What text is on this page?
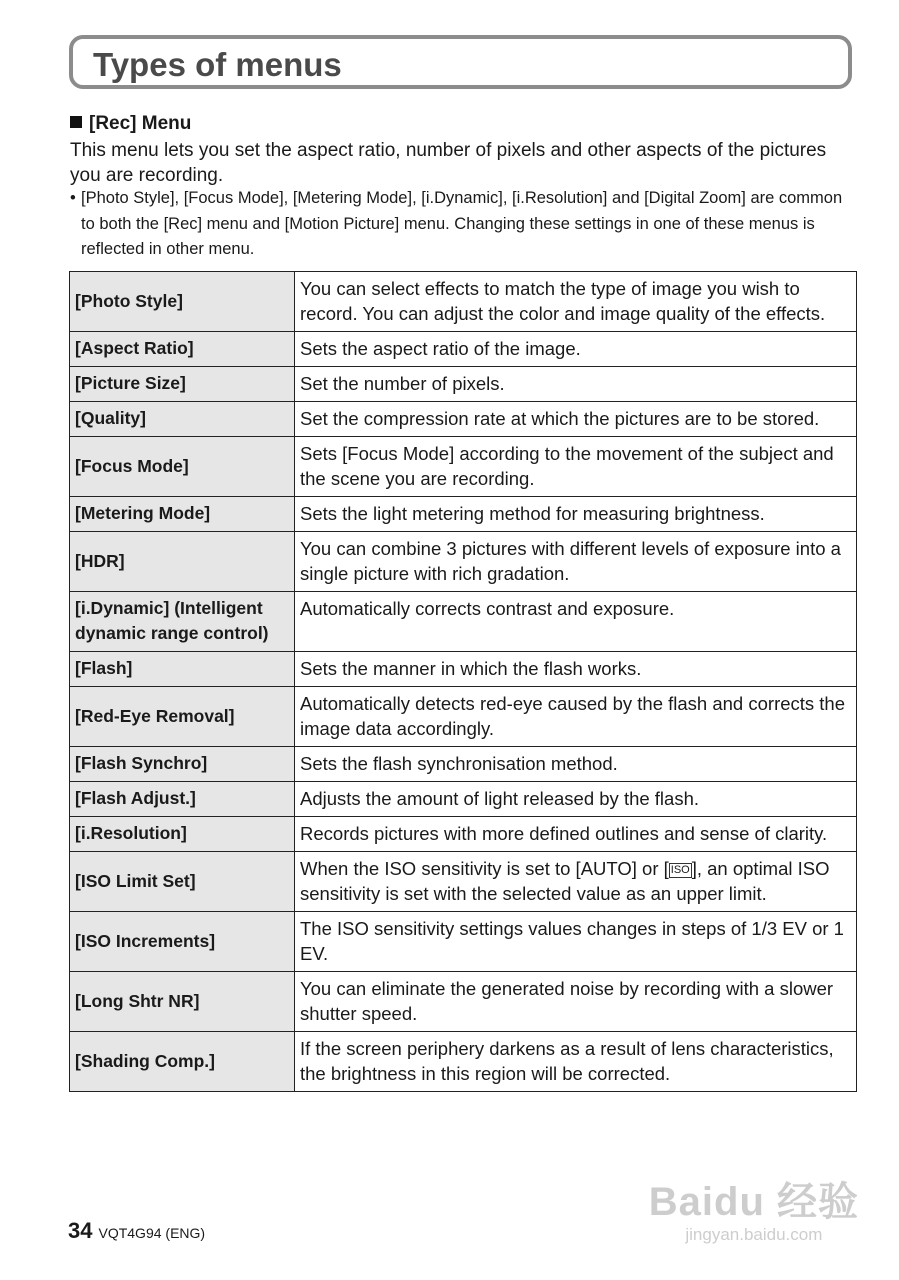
Types of menus
[Rec] Menu
This menu lets you set the aspect ratio, number of pixels and other aspects of the pictures you are recording.
• [Photo Style], [Focus Mode], [Metering Mode], [i.Dynamic], [i.Resolution] and [Digital Zoom] are common to both the [Rec] menu and [Motion Picture] menu. Changing these settings in one of these menus is reflected in other menu.
[Photo Style]	You can select effects to match the type of image you wish to record. You can adjust the color and image quality of the effects.
[Aspect Ratio]	Sets the aspect ratio of the image.
[Picture Size]	Set the number of pixels.
[Quality]	Set the compression rate at which the pictures are to be stored.
[Focus Mode]	Sets [Focus Mode] according to the movement of the subject and the scene you are recording.
[Metering Mode]	Sets the light metering method for measuring brightness.
[HDR]	You can combine 3 pictures with different levels of exposure into a single picture with rich gradation.
[i.Dynamic] (Intelligent dynamic range control)	Automatically corrects contrast and exposure.
[Flash]	Sets the manner in which the flash works.
[Red-Eye Removal]	Automatically detects red-eye caused by the flash and corrects the image data accordingly.
[Flash Synchro]	Sets the flash synchronisation method.
[Flash Adjust.]	Adjusts the amount of light released by the flash.
[i.Resolution]	Records pictures with more defined outlines and sense of clarity.
[ISO Limit Set]	When the ISO sensitivity is set to [AUTO] or [ ISO ], an optimal ISO sensitivity is set with the selected value as an upper limit.
[ISO Increments]	The ISO sensitivity settings values changes in steps of 1/3 EV or 1 EV.
[Long Shtr NR]	You can eliminate the generated noise by recording with a slower shutter speed.
[Shading Comp.]	If the screen periphery darkens as a result of lens characteristics, the brightness in this region will be corrected.
34 VQT4G94 (ENG)
Baidu 经验
jingyan.baidu.com
